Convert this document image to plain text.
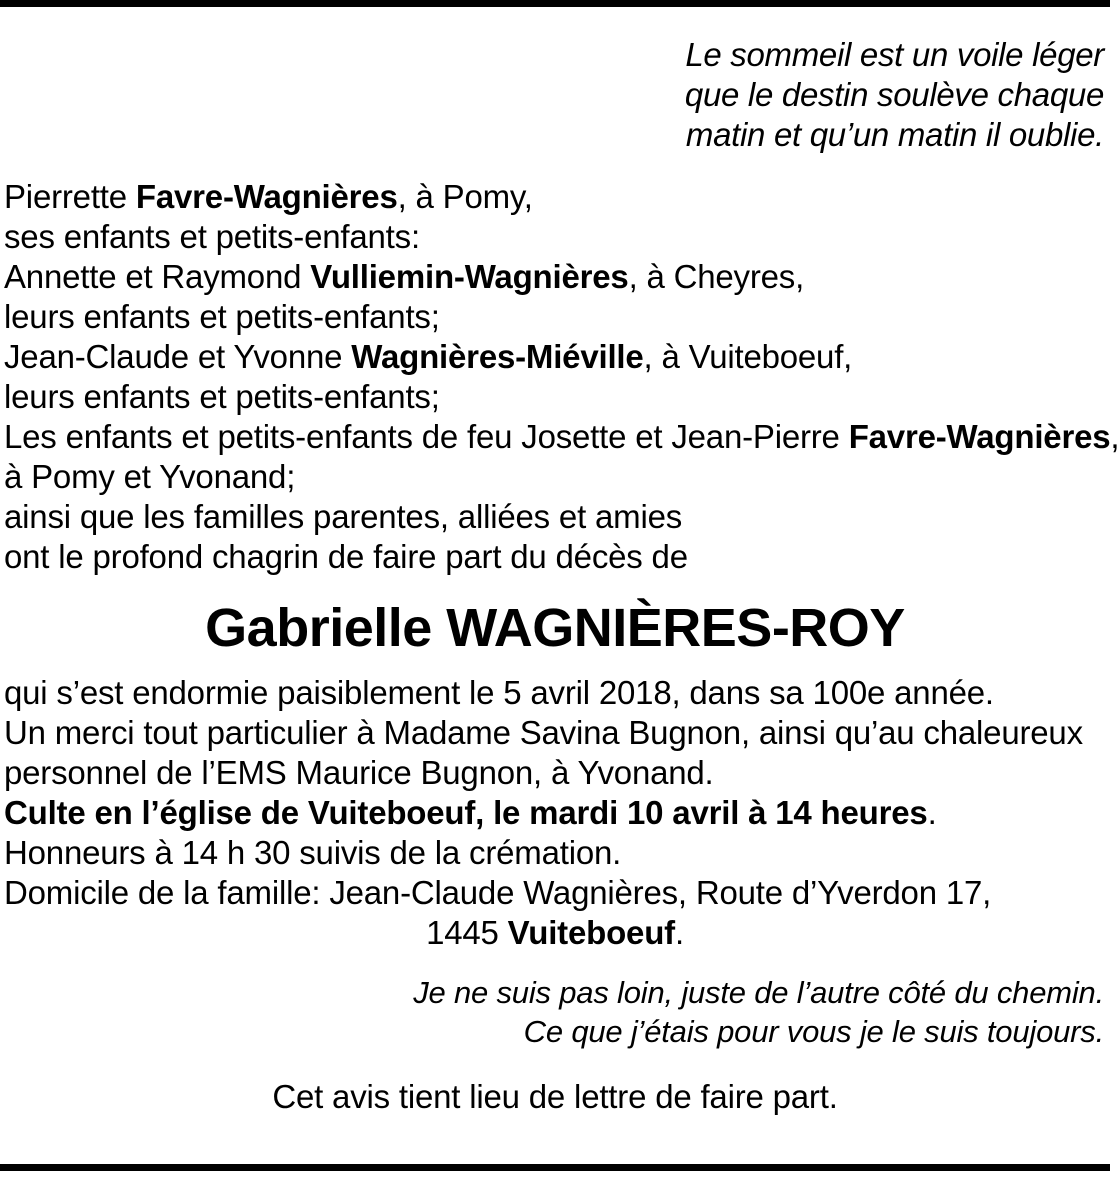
Le sommeil est un voile léger
que le destin soulève chaque
matin et qu’un matin il oublie.
Pierrette Favre-Wagnières, à Pomy,
ses enfants et petits-enfants:
Annette et Raymond Vulliemin-Wagnières, à Cheyres,
leurs enfants et petits-enfants;
Jean-Claude et Yvonne Wagnières-Miéville, à Vuiteboeuf,
leurs enfants et petits-enfants;
Les enfants et petits-enfants de feu Josette et Jean-Pierre Favre-Wagnières,
à Pomy et Yvonand;
ainsi que les familles parentes, alliées et amies
ont le profond chagrin de faire part du décès de
Gabrielle WAGNIÈRES-ROY
qui s’est endormie paisiblement le 5 avril 2018, dans sa 100e année.
Un merci tout particulier à Madame Savina Bugnon, ainsi qu’au chaleureux
personnel de l’EMS Maurice Bugnon, à Yvonand.
Culte en l’église de Vuiteboeuf, le mardi 10 avril à 14 heures.
Honneurs à 14 h 30 suivis de la crémation.
Domicile de la famille: Jean-Claude Wagnières, Route d’Yverdon 17,
1445 Vuiteboeuf.
Je ne suis pas loin, juste de l’autre côté du chemin.
Ce que j’étais pour vous je le suis toujours.
Cet avis tient lieu de lettre de faire part.
